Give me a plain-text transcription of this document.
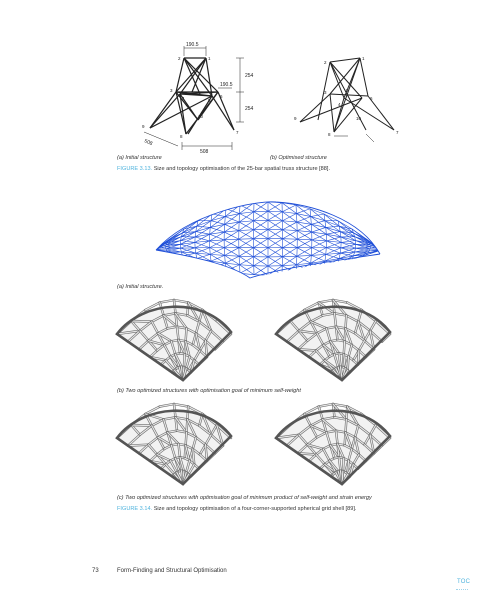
190.5
190.5
254
254
508
508
2	1
3
6
5
4
9
10
8
7
2
1
3
6
5
4
9	10
8	7
(a) Initial structure	(b) Optimised structure
FIGURE 3.13. Size and topology optimisation of the 25-bar spatial truss structure [88].
(a) Initial structure.
(b) Two optimized structures with optimisation goal of minimum self-weight
(c) Two optimized structures with optimisation goal of minimum product of self-weight and strain energy
FIGURE 3.14. Size and topology optimisation of a four-corner-supported spherical grid shell [89].
73	Form-Finding and Structural Optimisation
TOC
